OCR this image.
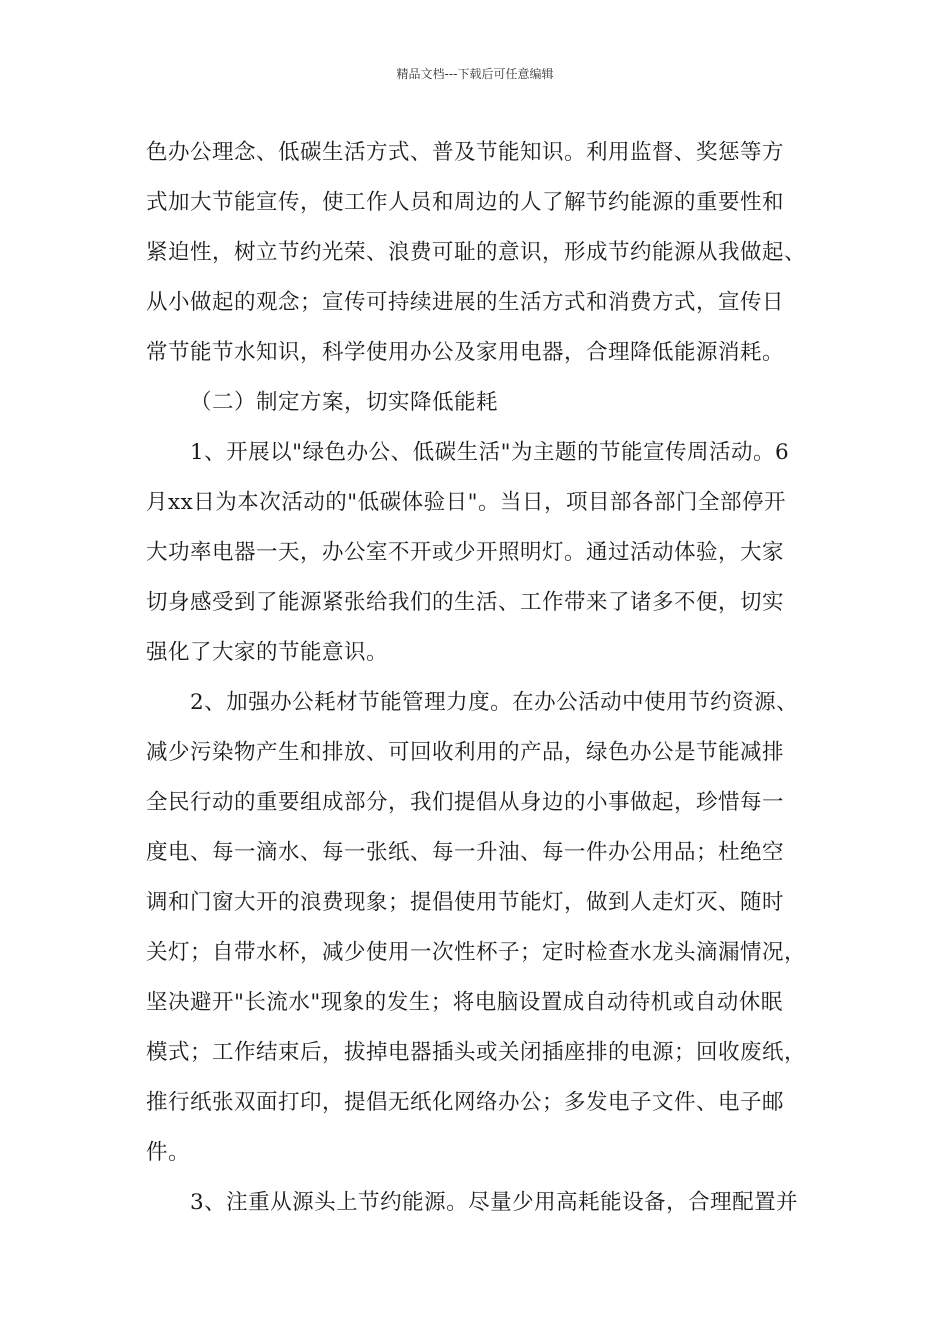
精品文档---下载后可任意编辑
色办公理念、低碳生活方式、普及节能知识。利用监督、奖惩等方
式加大节能宣传，使工作人员和周边的人了解节约能源的重要性和
紧迫性，树立节约光荣、浪费可耻的意识，形成节约能源从我做起、
从小做起的观念；宣传可持续进展的生活方式和消费方式，宣传日
常节能节水知识，科学使用办公及家用电器，合理降低能源消耗。
（二）制定方案，切实降低能耗
1、开展以"绿色办公、低碳生活"为主题的节能宣传周活动。6
月xx日为本次活动的"低碳体验日"。当日，项目部各部门全部停开
大功率电器一天，办公室不开或少开照明灯。通过活动体验，大家
切身感受到了能源紧张给我们的生活、工作带来了诸多不便，切实
强化了大家的节能意识。
2、加强办公耗材节能管理力度。在办公活动中使用节约资源、
减少污染物产生和排放、可回收利用的产品，绿色办公是节能减排
全民行动的重要组成部分，我们提倡从身边的小事做起，珍惜每一
度电、每一滴水、每一张纸、每一升油、每一件办公用品；杜绝空
调和门窗大开的浪费现象；提倡使用节能灯，做到人走灯灭、随时
关灯；自带水杯，减少使用一次性杯子；定时检查水龙头滴漏情况，
坚决避开"长流水"现象的发生；将电脑设置成自动待机或自动休眠
模式；工作结束后，拔掉电器插头或关闭插座排的电源；回收废纸，
推行纸张双面打印，提倡无纸化网络办公；多发电子文件、电子邮
件。
3、注重从源头上节约能源。尽量少用高耗能设备，合理配置并
